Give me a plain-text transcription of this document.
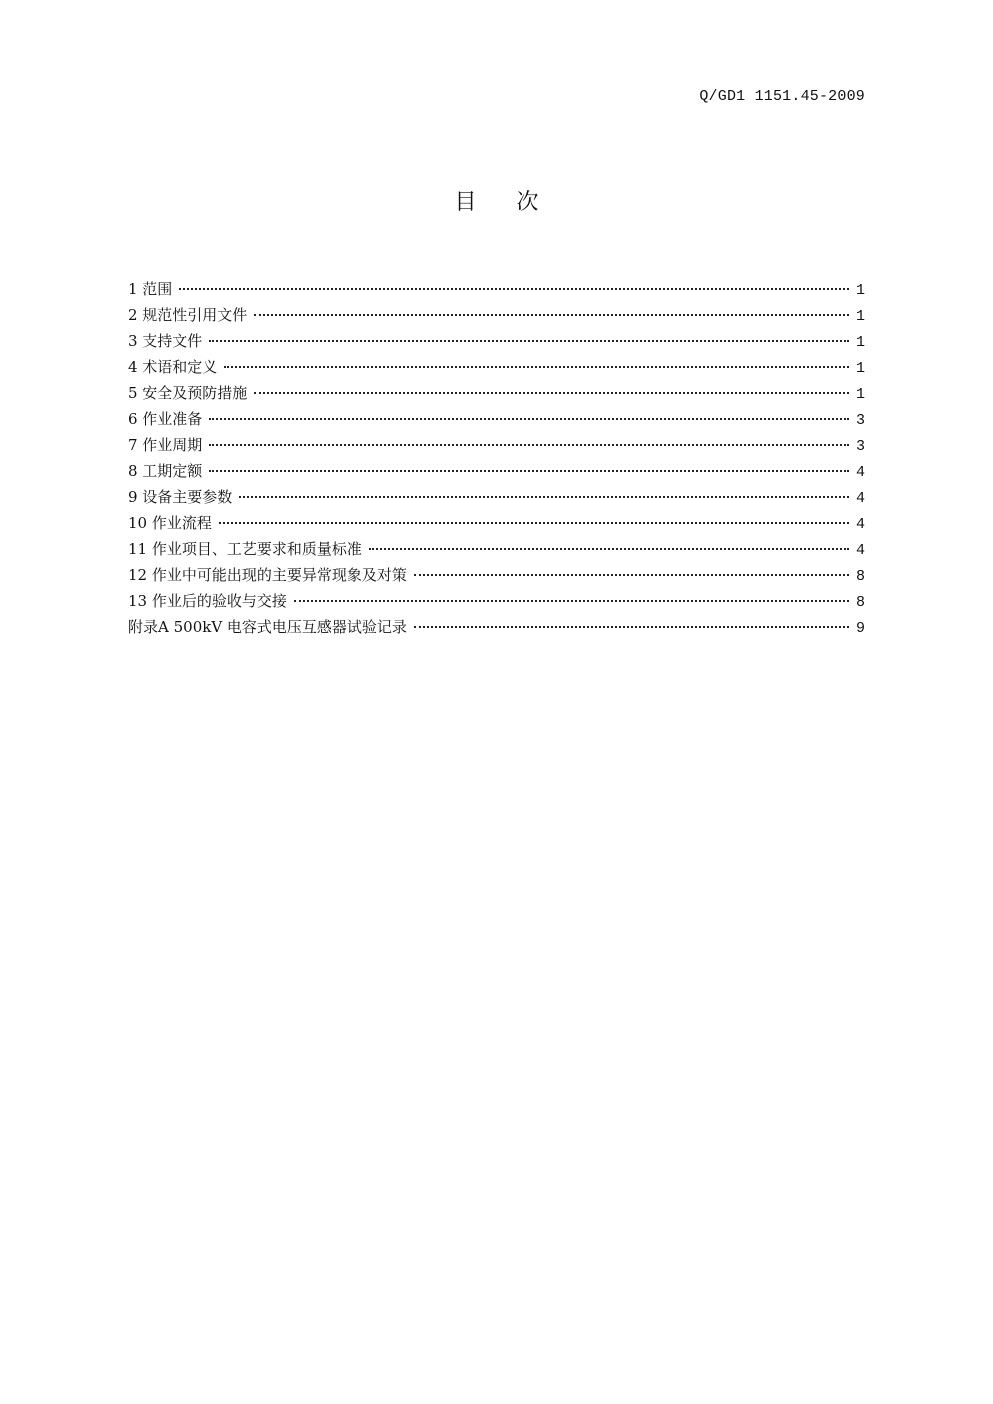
Q/GD1 1151.45-2009
目次
1 范围	1
2 规范性引用文件	1
3 支持文件	1
4 术语和定义	1
5 安全及预防措施	1
6 作业准备	3
7 作业周期	3
8 工期定额	4
9 设备主要参数	4
10 作业流程	4
11 作业项目、工艺要求和质量标准	4
12 作业中可能出现的主要异常现象及对策	8
13 作业后的验收与交接	8
附录A 500kV 电容式电压互感器试验记录	9
